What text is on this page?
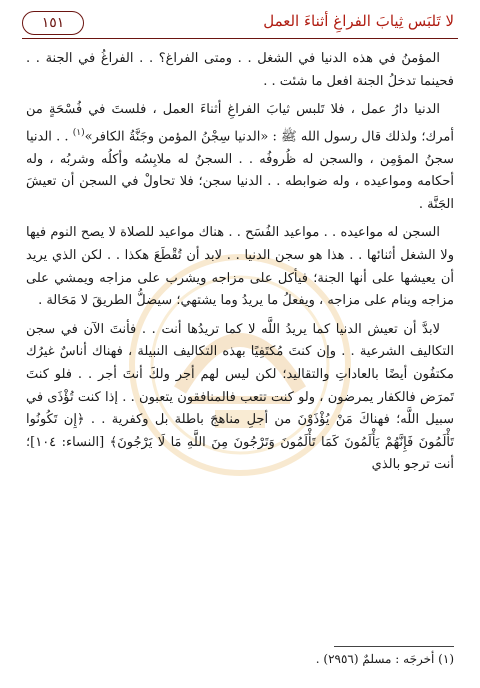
١٥١	لا تَلبَس ثِيابَ الفراغِ أثناءَ العمل

المؤمنُ في هذه الدنيا في الشغل . . ومتى الفراغ؟ . . الفراغُ في الجنة . . فحينما تدخلُ الجنة افعل ما شئت . .

الدنيا دارُ عمل ، فلا تَلبس ثيابَ الفراغِ أثناءَ العمل ، فلستَ في فُسْحَةٍ من أمرك؛ ولذلك قال رسول الله ﷺ : «الدنيا سِجْنُ المؤمن وجَنَّةُ الكافر»$^{(١)}$ . . الدنيا سجنُ المؤمِن ، والسجن له ظُروفُه . . السجنُ له ملابِسُه وأكلُه وشربُه ، وله أحكامه ومواعيده ، وله ضوابطه . . الدنيا سجن؛ فلا تحاولْ في السجن أن تعيشَ الجَنَّة .

السجن له مواعيده . . مواعيد الفُسَح . . هناك مواعيد للصلاة لا يصح النوم فيها ولا الشغل أثنائها . . هذا هو سجن الدنيا . . لابد أن تُقْطَعَ هكذا . . لكن الذي يريد أن يعيشها على أنها الجنة؛ فيأكل على مزاجه ويشرب على مزاجه ويمشي على مزاجه وينام على مزاجه ، ويفعلُ ما يريدُ وما يشتهي؛ سيضلُّ الطريقَ لا مَحَالة .

لابدَّ أن تعيش الدنيا كما يريدُ اللَّه لا كما تريدُها أنت . . فأنتَ الآن في سجن التكاليف الشرعية . . وإن كنتَ مُكتَفِيًا بهذه التكاليف النبيلة ، فهناك أناسٌ غيرُك مكتفُون أيضًا بالعاداتِ والتقاليد؛ لكن ليس لهم أجر ولكَ أنتَ أجر . . فلو كنتَ تَمرَض فالكفار يمرضون ، ولو كنت تتعب فالمنافقون يتعبون . . إذا كنت تُؤْذَى في سبيل اللَّه؛ فهناكَ مَنْ يُؤْذَوْنَ من أجلِ مناهجَ باطلة بل وكفرية . . ﴿إِن تَكُونُوا تَأْلَمُونَ فَإِنَّهُمْ يَأْلَمُونَ كَمَا تَأْلَمُونَ وَتَرْجُونَ مِنَ اللَّهِ مَا لَا يَرْجُونَ﴾ [النساء: ١٠٤]؛ أنت ترجو بالذي

(١) أخرجَه : مسلمٌ (٢٩٥٦) .
